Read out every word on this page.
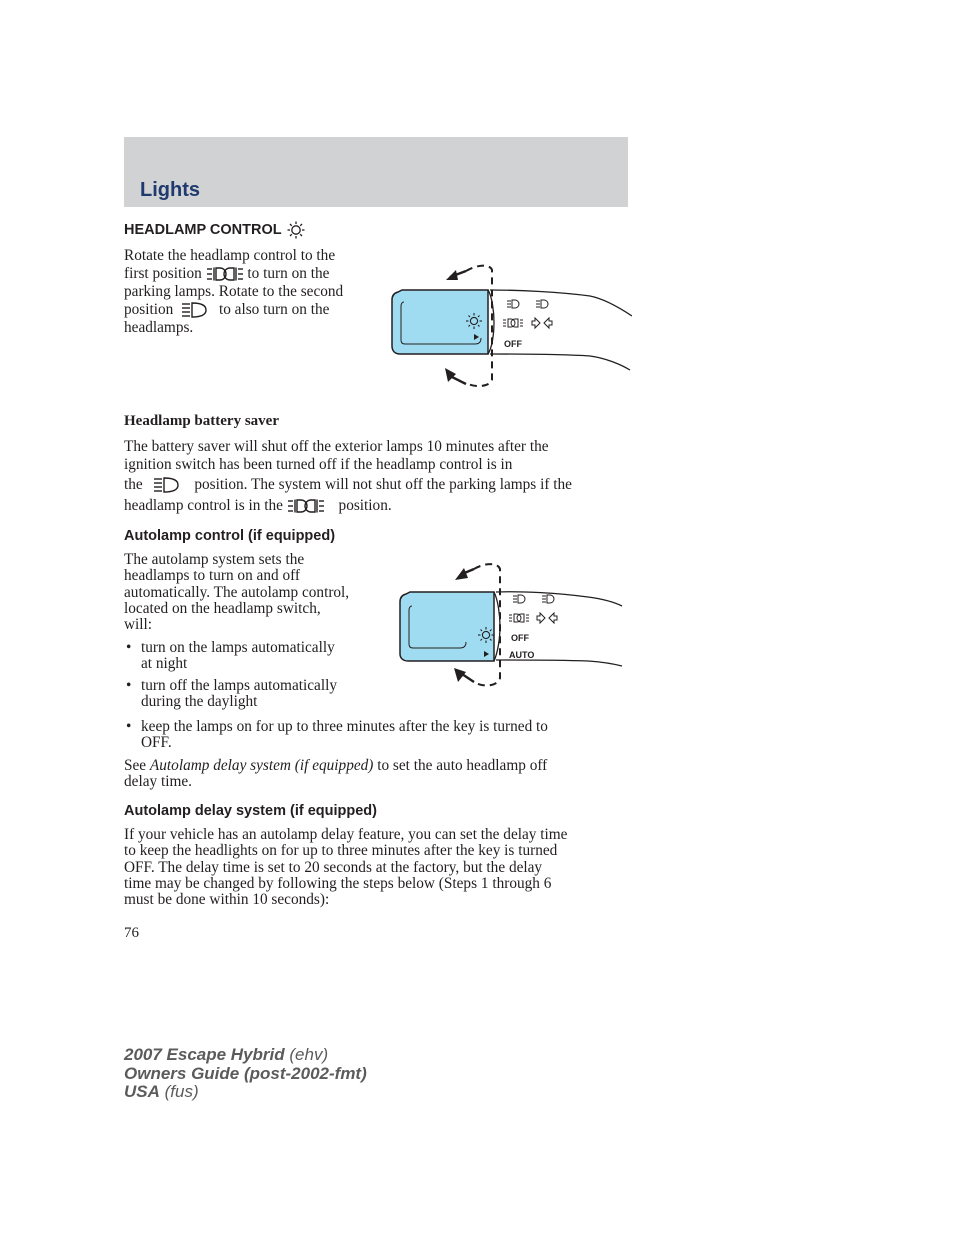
Lights
HEADLAMP CONTROL
Rotate the headlamp control to the
first position	to turn on the
parking lamps. Rotate to the second
position	to also turn on the
headlamps.
OFF
Headlamp battery saver
The battery saver will shut off the exterior lamps 10 minutes after the
ignition switch has been turned off if the headlamp control is in
the	position. The system will not shut off the parking lamps if the
headlamp control is in the	position.
Autolamp control (if equipped)
The autolamp system sets the
headlamps to turn on and off
automatically. The autolamp control,
located on the headlamp switch,
will:
• turn on the lamps automatically
at night
• turn off the lamps automatically
during the daylight
• keep the lamps on for up to three minutes after the key is turned to
OFF.
See Autolamp delay system (if equipped) to set the auto headlamp off
delay time.
OFF
AUTO
Autolamp delay system (if equipped)
If your vehicle has an autolamp delay feature, you can set the delay time
to keep the headlights on for up to three minutes after the key is turned
OFF. The delay time is set to 20 seconds at the factory, but the delay
time may be changed by following the steps below (Steps 1 through 6
must be done within 10 seconds):

76

2007 Escape Hybrid (ehv)
Owners Guide (post-2002-fmt)
USA (fus)
